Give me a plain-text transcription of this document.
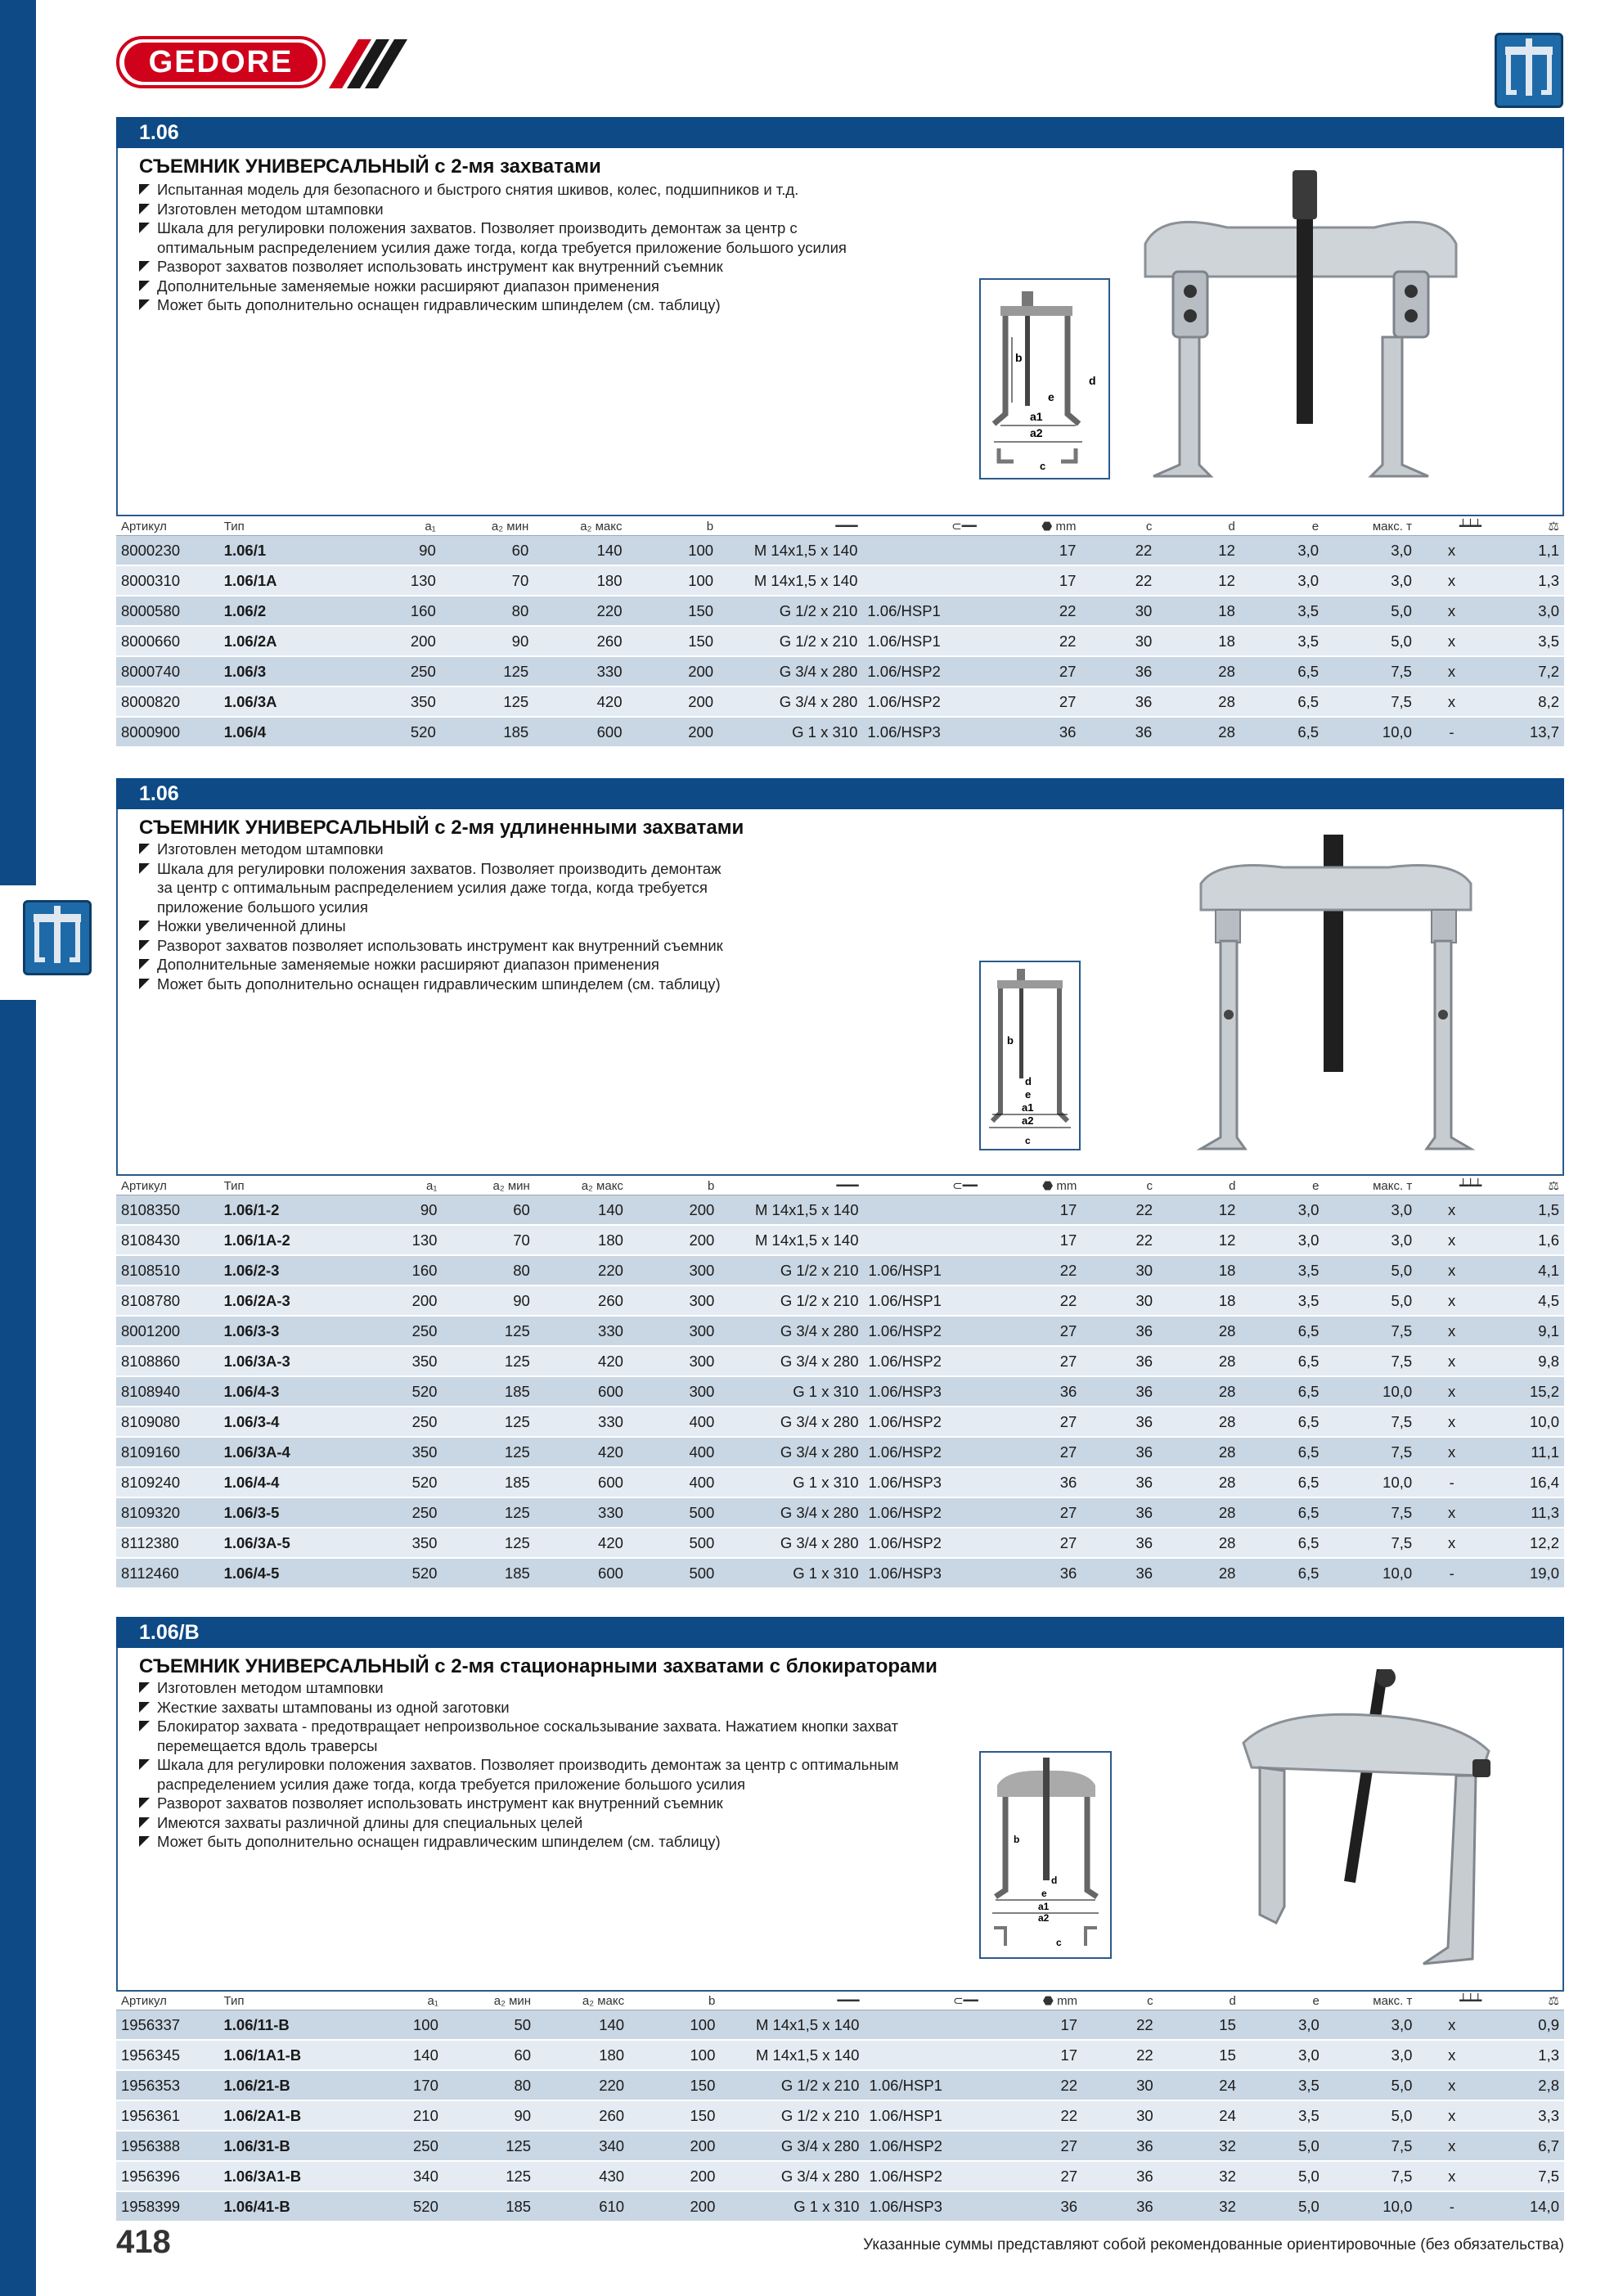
GEDORE
1.06
СЪЕМНИК УНИВЕРСАЛЬНЫЙ с 2-мя захватами
Испытанная модель для безопасного и быстрого снятия шкивов, колес, подшипников и т.д.
Изготовлен методом штамповки
Шкала для регулировки положения захватов. Позволяет производить демонтаж за центр с
оптимальным распределением усилия даже тогда, когда требуется приложение большого усилия
Разворот захватов позволяет использовать инструмент как внутренний съемник
Дополнительные заменяемые ножки расширяют диапазон применения
Может быть дополнительно оснащен гидравлическим шпинделем (см. таблицу)
b
d
e
a1
a2
c
Артикул	Тип	a₁	a₂ мин	a₂ макс	b	━━━	⊂━━	⬣ mm	c	d	e	макс. т	┷┷┷	⚖
8000230	1.06/1	90	60	140	100	M 14x1,5 x 140		17	22	12	3,0	3,0	x	1,1
8000310	1.06/1A	130	70	180	100	M 14x1,5 x 140		17	22	12	3,0	3,0	x	1,3
8000580	1.06/2	160	80	220	150	G 1/2 x 210	1.06/HSP1	22	30	18	3,5	5,0	x	3,0
8000660	1.06/2A	200	90	260	150	G 1/2 x 210	1.06/HSP1	22	30	18	3,5	5,0	x	3,5
8000740	1.06/3	250	125	330	200	G 3/4 x 280	1.06/HSP2	27	36	28	6,5	7,5	x	7,2
8000820	1.06/3A	350	125	420	200	G 3/4 x 280	1.06/HSP2	27	36	28	6,5	7,5	x	8,2
8000900	1.06/4	520	185	600	200	G 1 x 310	1.06/HSP3	36	36	28	6,5	10,0	-	13,7
1.06
СЪЕМНИК УНИВЕРСАЛЬНЫЙ с 2-мя удлиненными захватами
Изготовлен методом штамповки
Шкала для регулировки положения захватов. Позволяет производить демонтаж
за центр с оптимальным распределением усилия даже тогда, когда требуется
приложение большого усилия
Ножки увеличенной длины
Разворот захватов позволяет использовать инструмент как внутренний съемник
Дополнительные заменяемые ножки расширяют диапазон применения
Может быть дополнительно оснащен гидравлическим шпинделем (см. таблицу)
b
d
e
a1
a2
c
Артикул	Тип	a₁	a₂ мин	a₂ макс	b	━━━	⊂━━	⬣ mm	c	d	e	макс. т	┷┷┷	⚖
8108350	1.06/1-2	90	60	140	200	M 14x1,5 x 140		17	22	12	3,0	3,0	x	1,5
8108430	1.06/1A-2	130	70	180	200	M 14x1,5 x 140		17	22	12	3,0	3,0	x	1,6
8108510	1.06/2-3	160	80	220	300	G 1/2 x 210	1.06/HSP1	22	30	18	3,5	5,0	x	4,1
8108780	1.06/2A-3	200	90	260	300	G 1/2 x 210	1.06/HSP1	22	30	18	3,5	5,0	x	4,5
8001200	1.06/3-3	250	125	330	300	G 3/4 x 280	1.06/HSP2	27	36	28	6,5	7,5	x	9,1
8108860	1.06/3A-3	350	125	420	300	G 3/4 x 280	1.06/HSP2	27	36	28	6,5	7,5	x	9,8
8108940	1.06/4-3	520	185	600	300	G 1 x 310	1.06/HSP3	36	36	28	6,5	10,0	x	15,2
8109080	1.06/3-4	250	125	330	400	G 3/4 x 280	1.06/HSP2	27	36	28	6,5	7,5	x	10,0
8109160	1.06/3A-4	350	125	420	400	G 3/4 x 280	1.06/HSP2	27	36	28	6,5	7,5	x	11,1
8109240	1.06/4-4	520	185	600	400	G 1 x 310	1.06/HSP3	36	36	28	6,5	10,0	-	16,4
8109320	1.06/3-5	250	125	330	500	G 3/4 x 280	1.06/HSP2	27	36	28	6,5	7,5	x	11,3
8112380	1.06/3A-5	350	125	420	500	G 3/4 x 280	1.06/HSP2	27	36	28	6,5	7,5	x	12,2
8112460	1.06/4-5	520	185	600	500	G 1 x 310	1.06/HSP3	36	36	28	6,5	10,0	-	19,0
1.06/B
СЪЕМНИК УНИВЕРСАЛЬНЫЙ с 2-мя стационарными захватами с блокираторами
Изготовлен методом штамповки
Жесткие захваты штампованы из одной заготовки
Блокиратор захвата - предотвращает непроизвольное соскальзывание захвата. Нажатием кнопки захват
перемещается вдоль траверсы
Шкала для регулировки положения захватов. Позволяет производить демонтаж за центр с оптимальным
распределением усилия даже тогда, когда требуется приложение большого усилия
Разворот захватов позволяет использовать инструмент как внутренний съемник
Имеются захваты различной длины для специальных целей
Может быть дополнительно оснащен гидравлическим шпинделем (см. таблицу)	b
d
e
a1
a2
c
Артикул	Тип	a₁	a₂ мин	a₂ макс	b	━━━	⊂━━	⬣ mm	c	d	e	макс. т	┷┷┷	⚖
1956337	1.06/11-B	100	50	140	100	M 14x1,5 x 140		17	22	15	3,0	3,0	x	0,9
1956345	1.06/1A1-B	140	60	180	100	M 14x1,5 x 140		17	22	15	3,0	3,0	x	1,3
1956353	1.06/21-B	170	80	220	150	G 1/2 x 210	1.06/HSP1	22	30	24	3,5	5,0	x	2,8
1956361	1.06/2A1-B	210	90	260	150	G 1/2 x 210	1.06/HSP1	22	30	24	3,5	5,0	x	3,3
1956388	1.06/31-B	250	125	340	200	G 3/4 x 280	1.06/HSP2	27	36	32	5,0	7,5	x	6,7
1956396	1.06/3A1-B	340	125	430	200	G 3/4 x 280	1.06/HSP2	27	36	32	5,0	7,5	x	7,5
1958399	1.06/41-B	520	185	610	200	G 1 x 310	1.06/HSP3	36	36	32	5,0	10,0	-	14,0
418	Указанные суммы представляют собой рекомендованные ориентировочные (без обязательства)
